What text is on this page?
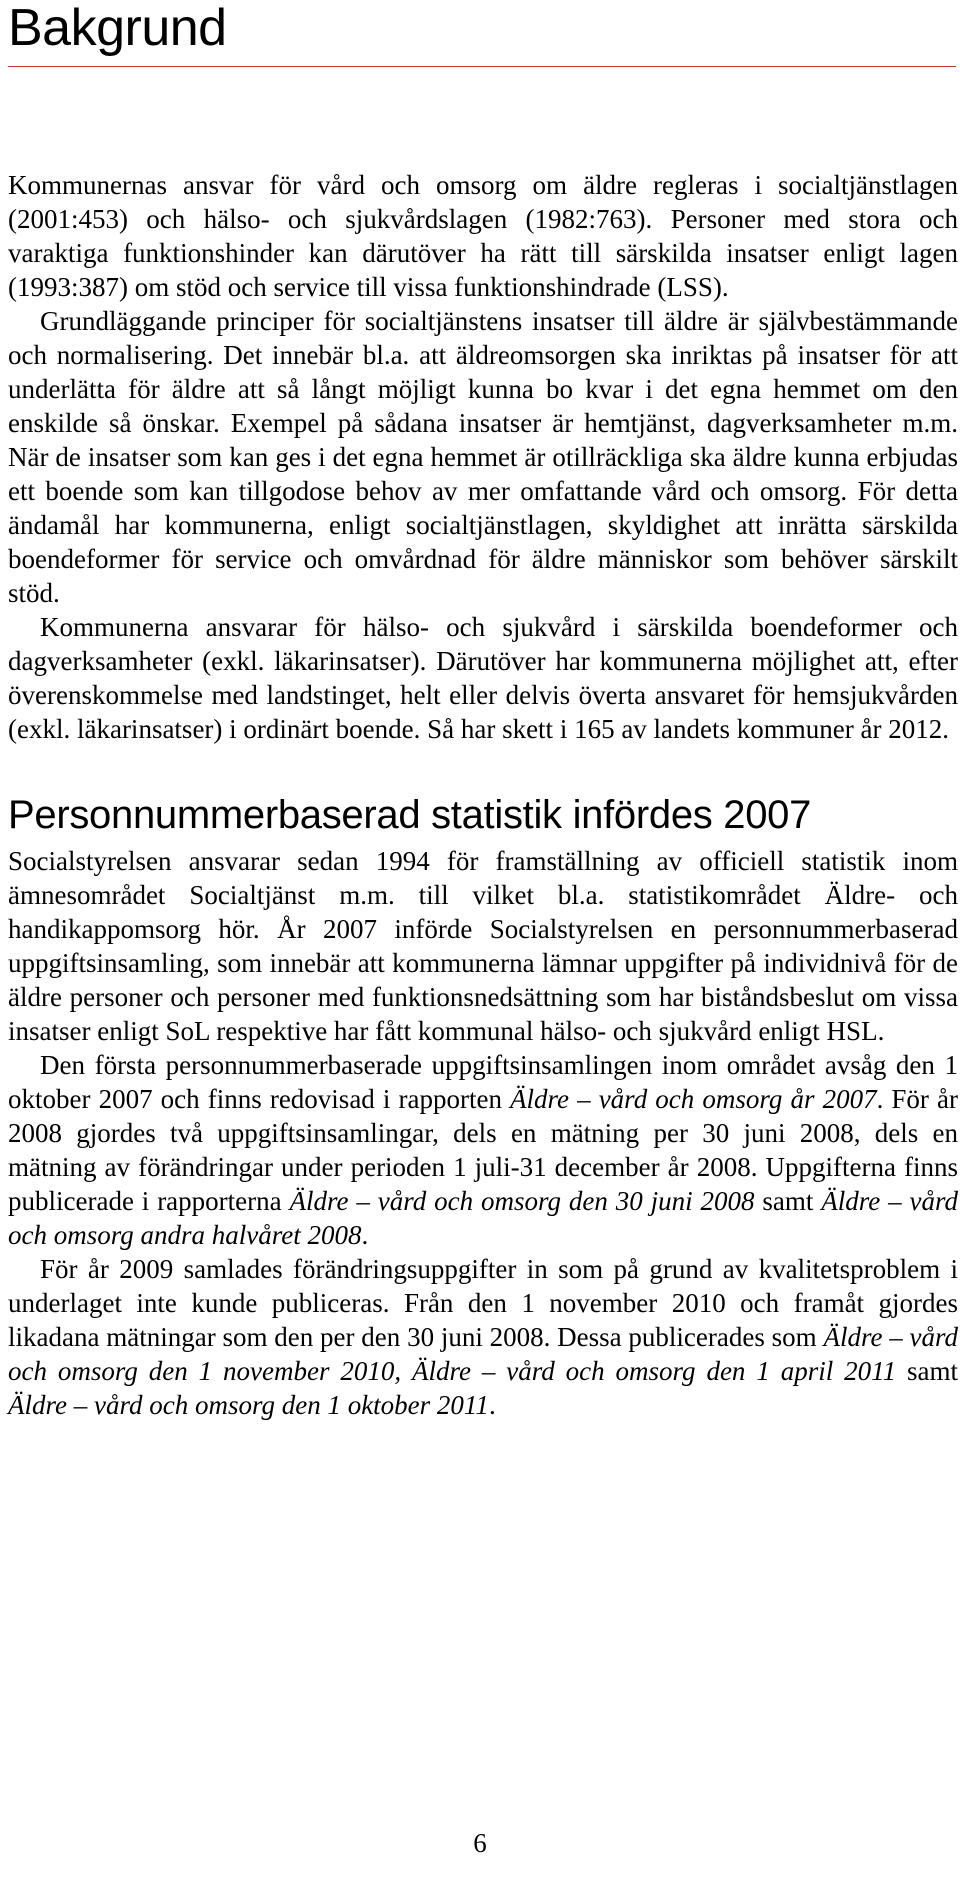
Bakgrund

Kommunernas ansvar för vård och omsorg om äldre regleras i socialtjänstlagen (2001:453) och hälso- och sjukvårdslagen (1982:763). Personer med stora och varaktiga funktionshinder kan därutöver ha rätt till särskilda insatser enligt lagen (1993:387) om stöd och service till vissa funktionshindrade (LSS).

Grundläggande principer för socialtjänstens insatser till äldre är självbestämmande och normalisering. Det innebär bl.a. att äldreomsorgen ska inriktas på insatser för att underlätta för äldre att så långt möjligt kunna bo kvar i det egna hemmet om den enskilde så önskar. Exempel på sådana insatser är hemtjänst, dagverksamheter m.m. När de insatser som kan ges i det egna hemmet är otillräckliga ska äldre kunna erbjudas ett boende som kan tillgodose behov av mer omfattande vård och omsorg. För detta ändamål har kommunerna, enligt socialtjänstlagen, skyldighet att inrätta särskilda boendeformer för service och omvårdnad för äldre människor som behöver särskilt stöd.

Kommunerna ansvarar för hälso- och sjukvård i särskilda boendeformer och dagverksamheter (exkl. läkarinsatser). Därutöver har kommunerna möjlighet att, efter överenskommelse med landstinget, helt eller delvis överta ansvaret för hemsjukvården (exkl. läkarinsatser) i ordinärt boende. Så har skett i 165 av landets kommuner år 2012.

Personnummerbaserad statistik infördes 2007

Socialstyrelsen ansvarar sedan 1994 för framställning av officiell statistik inom ämnesområdet Socialtjänst m.m. till vilket bl.a. statistikområdet Äldre- och handikappomsorg hör. År 2007 införde Socialstyrelsen en personnummerbaserad uppgiftsinsamling, som innebär att kommunerna lämnar uppgifter på individnivå för de äldre personer och personer med funktionsnedsättning som har biståndsbeslut om vissa insatser enligt SoL respektive har fått kommunal hälso- och sjukvård enligt HSL.

Den första personnummerbaserade uppgiftsinsamlingen inom området avsåg den 1 oktober 2007 och finns redovisad i rapporten Äldre – vård och omsorg år 2007. För år 2008 gjordes två uppgiftsinsamlingar, dels en mätning per 30 juni 2008, dels en mätning av förändringar under perioden 1 juli-31 december år 2008. Uppgifterna finns publicerade i rapporterna Äldre – vård och omsorg den 30 juni 2008 samt Äldre – vård och omsorg andra halvåret 2008.

För år 2009 samlades förändringsuppgifter in som på grund av kvalitetsproblem i underlaget inte kunde publiceras. Från den 1 november 2010 och framåt gjordes likadana mätningar som den per den 30 juni 2008. Dessa publicerades som Äldre – vård och omsorg den 1 november 2010, Äldre – vård och omsorg den 1 april 2011 samt Äldre – vård och omsorg den 1 oktober 2011.

6
